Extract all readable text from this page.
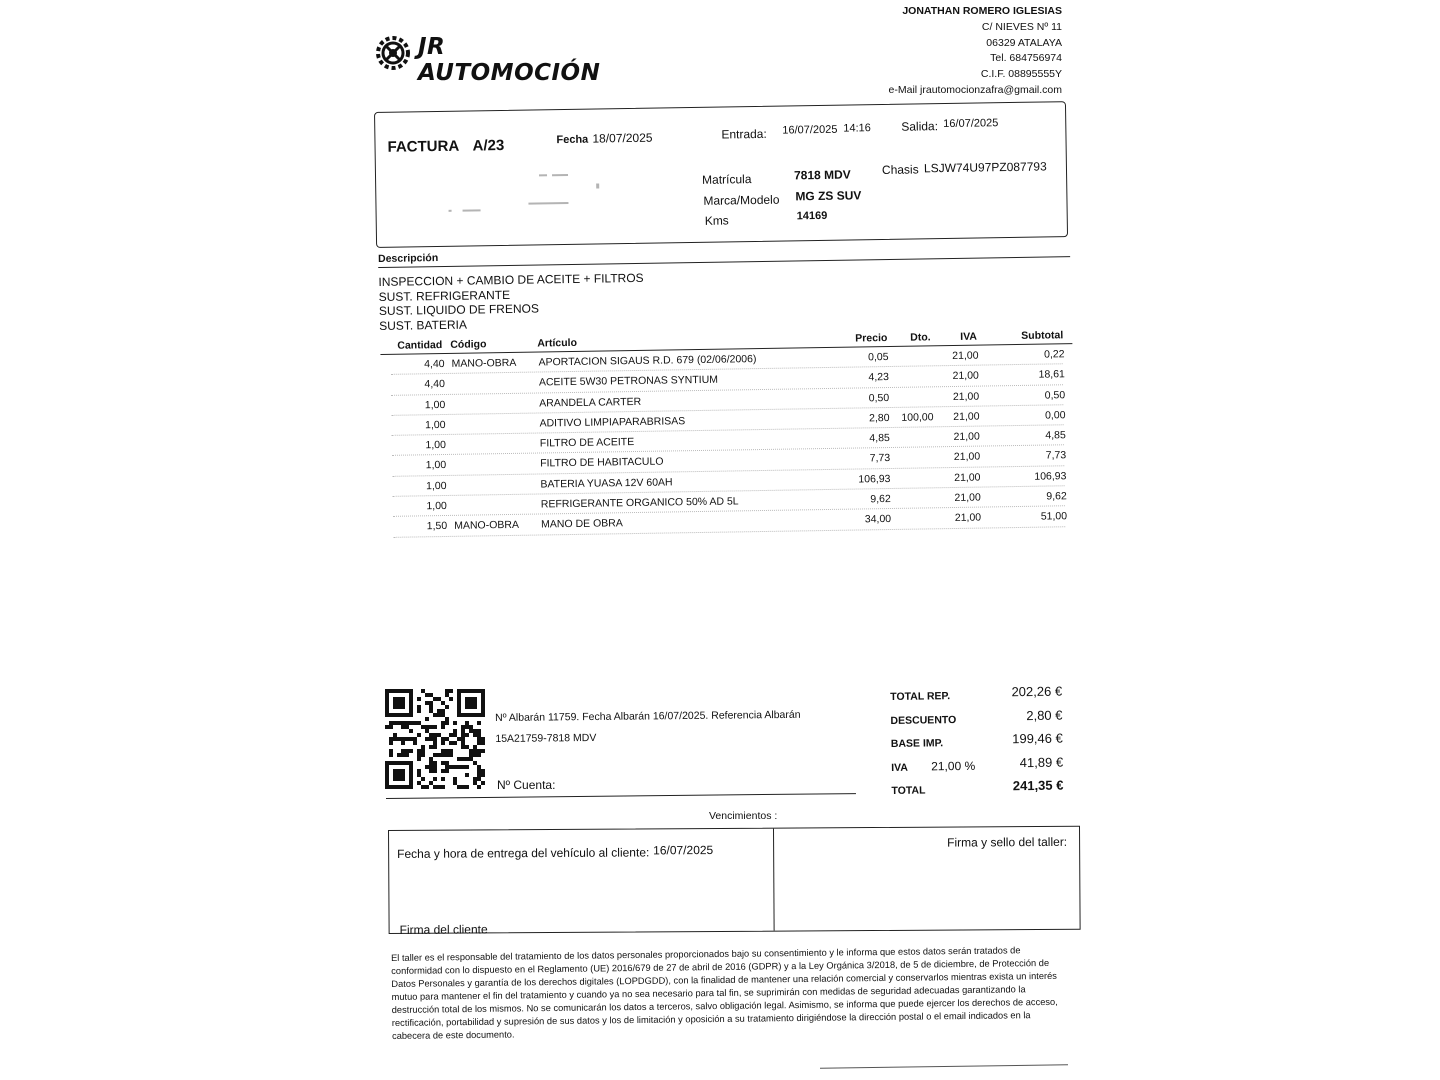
JR AUTOMOCIÓN
JONATHAN ROMERO IGLESIAS
C/ NIEVES Nº 11
06329 ATALAYA
Tel. 684756974
C.I.F. 08895555Y
e-Mail jrautomocionzafra@gmail.com
FACTURA A/23	Fecha 18/07/2025	Entrada: 16/07/2025 14:16	Salida: 16/07/2025
Matrícula	7818 MDV	Chasis LSJW74U97PZ087793
Marca/Modelo MG ZS SUV
Kms	14169
Descripción
INSPECCION + CAMBIO DE ACEITE + FILTROS
SUST. REFRIGERANTE
SUST. LIQUIDO DE FRENOS
SUST. BATERIA
Cantidad Código	Artículo	Precio Dto.	IVA	Subtotal
4,40 MANO-OBRA APORTACION SIGAUS R.D. 679 (02/06/2006)	0,05	21,00	0,22
4,40	ACEITE 5W30 PETRONAS SYNTIUM	4,23	21,00	18,61
1,00	ARANDELA CARTER	0,50	21,00	0,50
1,00	ADITIVO LIMPIAPARABRISAS	2,80	100,00	21,00	0,00
1,00	FILTRO DE ACEITE	4,85	21,00	4,85
1,00	FILTRO DE HABITACULO	7,73	21,00	7,73
1,00	BATERIA YUASA 12V 60AH	106,93	21,00	106,93
1,00	REFRIGERANTE ORGANICO 50% AD 5L	9,62	21,00	9,62
1,50 MANO-OBRA MANO DE OBRA	34,00	21,00	51,00
Nº Albarán 11759. Fecha Albarán 16/07/2025. Referencia Albarán
15A21759-7818 MDV
Nº Cuenta:
TOTAL REP.	202,26 €
DESCUENTO	2,80 €
BASE IMP.	199,46 €
IVA 21,00 %	41,89 €
TOTAL	241,35 €
Vencimientos :
Fecha y hora de entrega del vehículo al cliente: 16/07/2025
Firma del cliente
Firma y sello del taller:
El taller es el responsable del tratamiento de los datos personales proporcionados bajo su consentimiento y le informa que estos datos serán tratados de conformidad con lo dispuesto en el Reglamento (UE) 2016/679 de 27 de abril de 2016 (GDPR) y a la Ley Orgánica 3/2018, de 5 de diciembre, de Protección de Datos Personales y garantía de los derechos digitales (LOPDGDD), con la finalidad de mantener una relación comercial y conservarlos mientras exista un interés mutuo para mantener el fin del tratamiento y cuando ya no sea necesario para tal fin, se suprimirán con medidas de seguridad adecuadas garantizando la destrucción total de los mismos. No se comunicarán los datos a terceros, salvo obligación legal. Asimismo, se informa que puede ejercer los derechos de acceso, rectificación, portabilidad y supresión de sus datos y los de limitación y oposición a su tratamiento dirigiéndose la dirección postal o el email indicados en la cabecera de este documento.
